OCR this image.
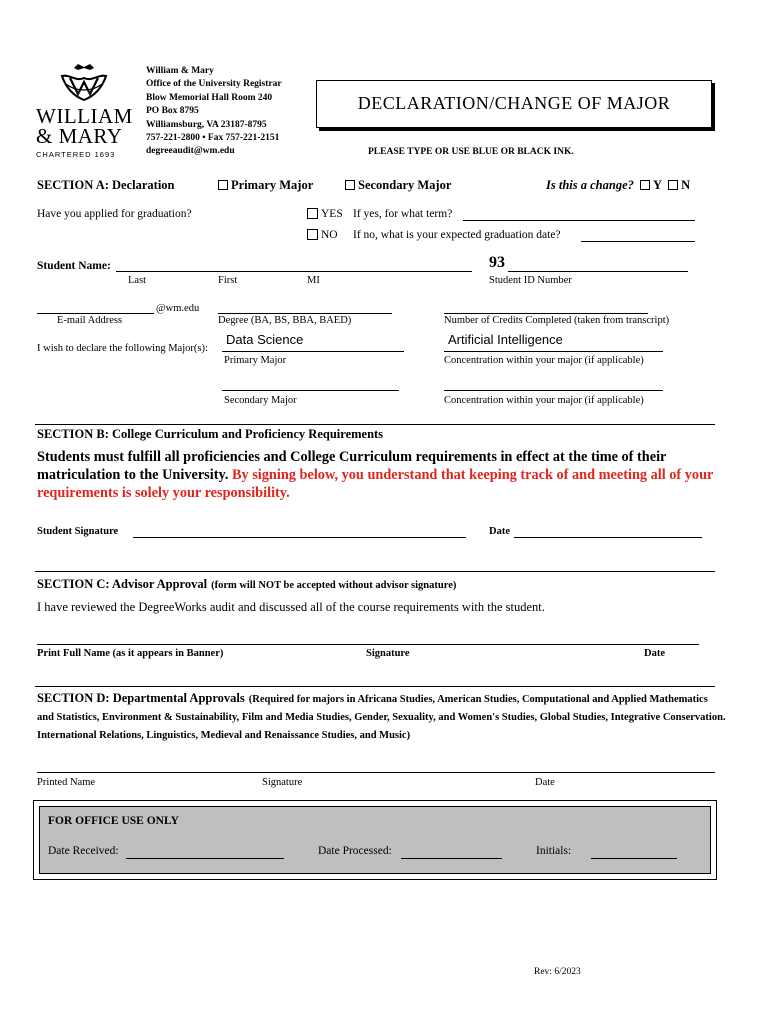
WILLIAM
& MARY
CHARTERED 1693
William & Mary
Office of the University Registrar
Blow Memorial Hall Room 240
PO Box 8795
Williamsburg, VA 23187-8795
757-221-2800 • Fax 757-221-2151
degreeaudit@wm.edu
DECLARATION/CHANGE OF MAJOR
PLEASE TYPE OR USE BLUE OR BLACK INK.
SECTION A: Declaration	Primary Major	Secondary Major	Is this a change? Y N
Have you applied for graduation?	YES If yes, for what term?
NO If no, what is your expected graduation date?
Student Name:
Last	First	MI
93
Student ID Number
@wm.edu
E-mail Address	Degree (BA, BS, BBA, BAED)	Number of Credits Completed (taken from transcript)
I wish to declare the following Major(s):
Data Science
Primary Major
Artificial Intelligence
Concentration within your major (if applicable)
Secondary Major	Concentration within your major (if applicable)
SECTION B: College Curriculum and Proficiency Requirements
Students must fulfill all proficiencies and College Curriculum requirements in effect at the time of their matriculation to the University. By signing below, you understand that keeping track of and meeting all of your requirements is solely your responsibility.
Student Signature	Date
SECTION C: Advisor Approval (form will NOT be accepted without advisor signature)
I have reviewed the DegreeWorks audit and discussed all of the course requirements with the student.
Print Full Name (as it appears in Banner)	Signature	Date
SECTION D: Departmental Approvals (Required for majors in Africana Studies, American Studies, Computational and Applied Mathematics and Statistics, Environment & Sustainability, Film and Media Studies, Gender, Sexuality, and Women's Studies, Global Studies, Integrative Conservation. International Relations, Linguistics, Medieval and Renaissance Studies, and Music)
Printed Name	Signature	Date
FOR OFFICE USE ONLY
Date Received:	Date Processed:	Initials:
Rev: 6/2023
